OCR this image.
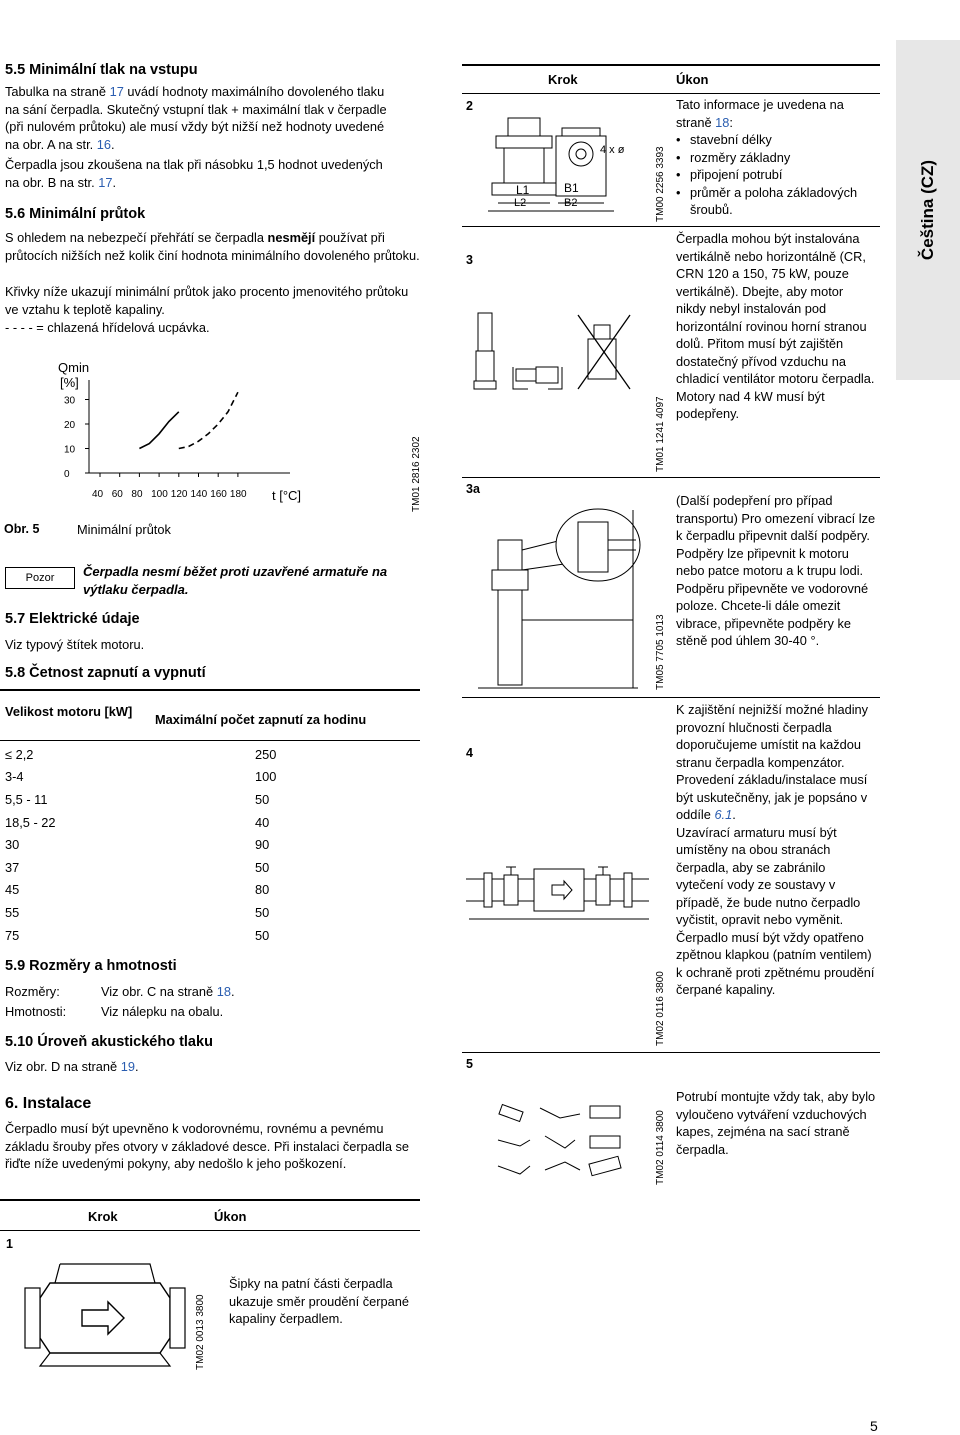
Čeština (CZ)
5.5 Minimální tlak na vstupu
Tabulka na straně 17 uvádí hodnoty maximálního dovoleného tlaku na sání čerpadla. Skutečný vstupní tlak + maximální tlak v čerpadle (při nulovém průtoku) ale musí vždy být nižší než hodnoty uvedené na obr. A na str. 16.
Čerpadla jsou zkoušena na tlak při násobku 1,5 hodnot uvedených na obr. B na str. 17.
5.6 Minimální průtok
S ohledem na nebezpečí přehřátí se čerpadla nesmějí používat při průtocích nižších než kolik činí hodnota minimálního dovoleného průtoku.
Křivky níže ukazují minimální průtok jako procento jmenovitého průtoku ve vztahu k teplotě kapaliny.
- - - - = chlazená hřídelová ucpávka.
Qmin
[%]
0
10
20
30
40 60 80 100 120 140 160 180 t [°C]	TM01 2816 2302
Obr. 5	Minimální průtok
Pozor	Čerpadla nesmí běžet proti uzavřené armatuře na výtlaku čerpadla.
5.7 Elektrické údaje
Viz typový štítek motoru.
5.8 Četnost zapnutí a vypnutí
Velikost motoru [kW]
Maximální počet zapnutí za hodinu
≤ 2,2	250
3-4	100
5,5 - 11	50
18,5 - 22	40
30	90
37	50
45	80
55	50
75	50
5.9 Rozměry a hmotnosti
Rozměry:	Viz obr. C na straně 18.
Hmotnosti:	Viz nálepku na obalu.
5.10 Úroveň akustického tlaku
Viz obr. D na straně 19.
6. Instalace
Čerpadlo musí být upevněno k vodorovnému, rovnému a pevnému základu šrouby přes otvory v základové desce. Při instalaci čerpadla se řiďte níže uvedenými pokyny, aby nedošlo k jeho poškození.
Krok	Úkon
1
TM02 0013 3800
Šipky na patní části čerpadla ukazuje směr proudění čerpané kapaliny čerpadlem.
Krok	Úkon
2
L1
L2
B1
B2
4 x ø	TM00 2256 3393
Tato informace je uvedena na straně 18:
• stavební délky
• rozměry základny
• připojení potrubí
• průměr a poloha základových šroubů.
3
TM01 1241 4097
Čerpadla mohou být instalována vertikálně nebo horizontálně (CR, CRN 120 a 150, 75 kW, pouze vertikálně). Dbejte, aby motor nikdy nebyl instalován pod horizontální rovinou horní stranou dolů. Přitom musí být zajištěn dostatečný přívod vzduchu na chladicí ventilátor motoru čerpadla. Motory nad 4 kW musí být podepřeny.
3a
TM05 7705 1013
(Další podepření pro případ transportu) Pro omezení vibrací lze k čerpadlu připevnit další podpěry. Podpěry lze připevnit k motoru nebo patce motoru a k trupu lodi. Podpěru připevněte ve vodorovné poloze. Chcete-li dále omezit vibrace, připevněte podpěry ke stěně pod úhlem 30-40 °.
4
TM02 0116 3800
K zajištění nejnižší možné hladiny provozní hlučnosti čerpadla doporučujeme umístit na každou stranu čerpadla kompenzátor. Provedení základu/instalace musí být uskutečněny, jak je popsáno v oddíle 6.1.
Uzavírací armaturu musí být umístěny na obou stranách čerpadla, aby se zabránilo vytečení vody ze soustavy v případě, že bude nutno čerpadlo vyčistit, opravit nebo vyměnit.
Čerpadlo musí být vždy opatřeno zpětnou klapkou (patním ventilem) k ochraně proti zpětnému proudění čerpané kapaliny.
5
TM02 0114 3800
Potrubí montujte vždy tak, aby bylo vyloučeno vytváření vzduchových kapes, zejména na sací straně čerpadla.
5
